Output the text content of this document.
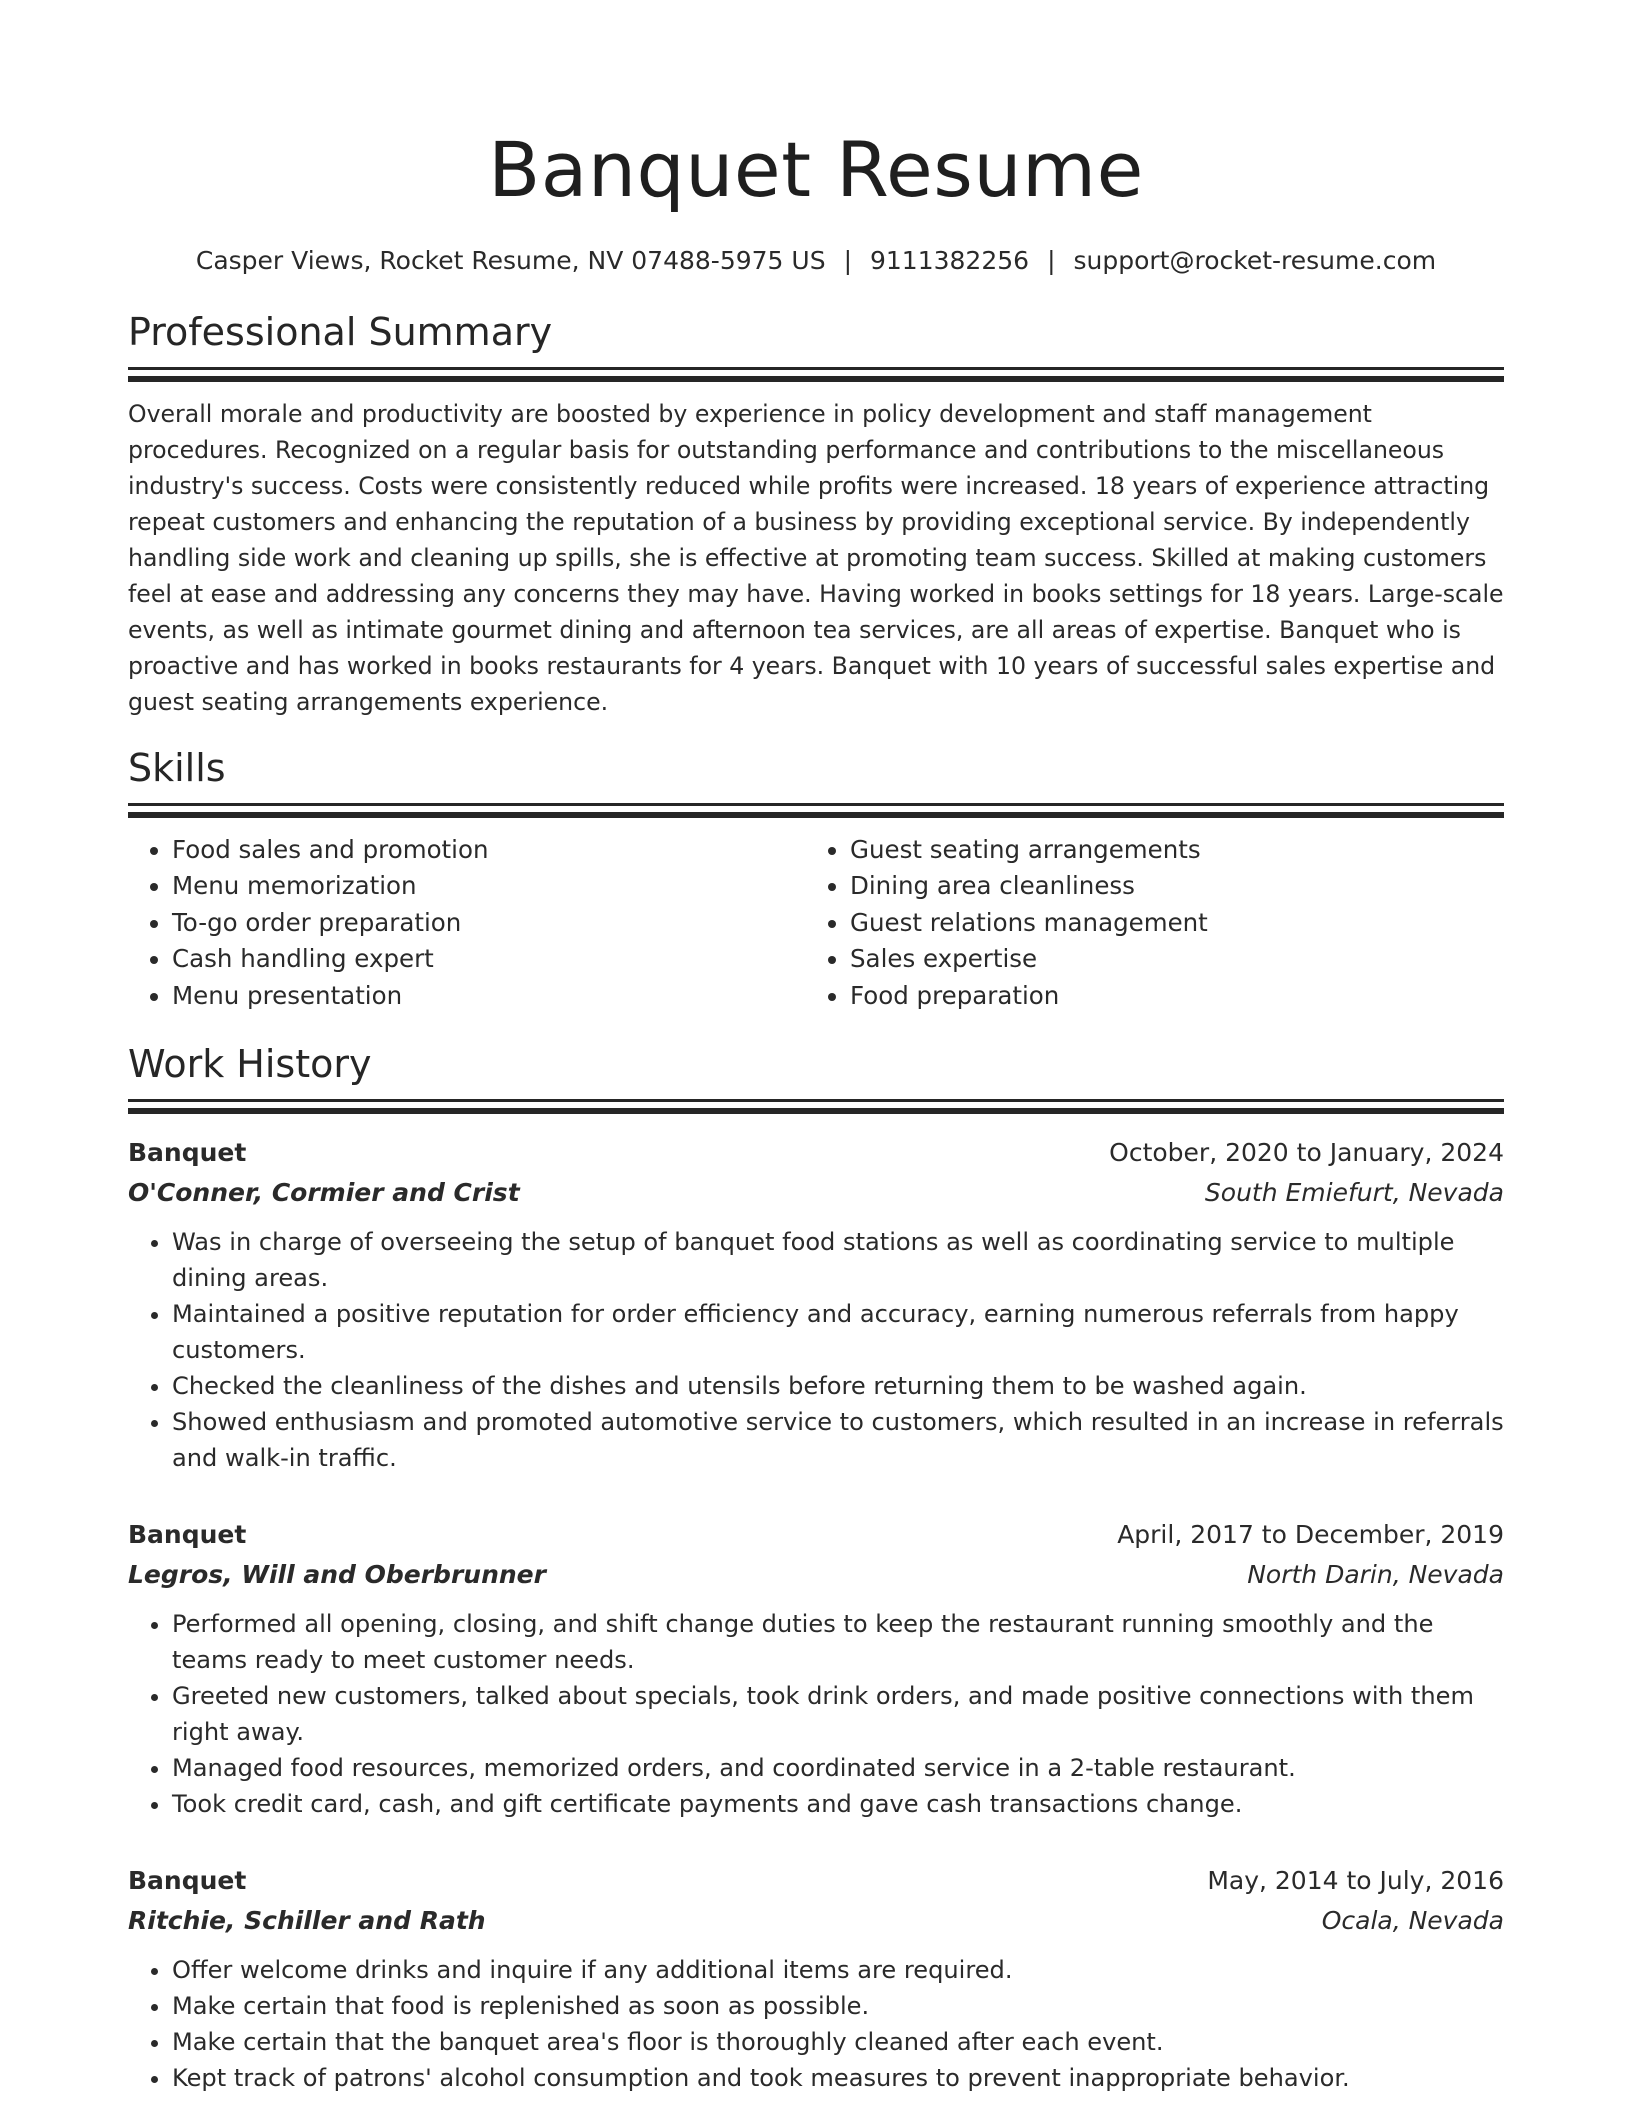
Banquet Resume
Casper Views, Rocket Resume, NV 07488-5975 US | 9111382256 | support@rocket-resume.com
Professional Summary

Overall morale and productivity are boosted by experience in policy development and staff management procedures. Recognized on a regular basis for outstanding performance and contributions to the miscellaneous industry's success. Costs were consistently reduced while profits were increased. 18 years of experience attracting repeat customers and enhancing the reputation of a business by providing exceptional service. By independently handling side work and cleaning up spills, she is effective at promoting team success. Skilled at making customers feel at ease and addressing any concerns they may have. Having worked in books settings for 18 years. Large-scale events, as well as intimate gourmet dining and afternoon tea services, are all areas of expertise. Banquet who is proactive and has worked in books restaurants for 4 years. Banquet with 10 years of successful sales expertise and guest seating arrangements experience.

Skills
• Food sales and promotion
• Menu memorization
• To-go order preparation
• Cash handling expert
• Menu presentation
• Guest seating arrangements
• Dining area cleanliness
• Guest relations management
• Sales expertise
• Food preparation
Work History
Banquet	October, 2020 to January, 2024
O'Conner, Cormier and Crist	South Emiefurt, Nevada
• Was in charge of overseeing the setup of banquet food stations as well as coordinating service to multiple dining areas.
• Maintained a positive reputation for order efficiency and accuracy, earning numerous referrals from happy customers.
• Checked the cleanliness of the dishes and utensils before returning them to be washed again.
• Showed enthusiasm and promoted automotive service to customers, which resulted in an increase in referrals and walk-in traffic.
Banquet	April, 2017 to December, 2019
Legros, Will and Oberbrunner	North Darin, Nevada
• Performed all opening, closing, and shift change duties to keep the restaurant running smoothly and the teams ready to meet customer needs.
• Greeted new customers, talked about specials, took drink orders, and made positive connections with them right away.
• Managed food resources, memorized orders, and coordinated service in a 2-table restaurant.
• Took credit card, cash, and gift certificate payments and gave cash transactions change.
Banquet	May, 2014 to July, 2016
Ritchie, Schiller and Rath	Ocala, Nevada
• Offer welcome drinks and inquire if any additional items are required.
• Make certain that food is replenished as soon as possible.
• Make certain that the banquet area's floor is thoroughly cleaned after each event.
• Kept track of patrons' alcohol consumption and took measures to prevent inappropriate behavior.
